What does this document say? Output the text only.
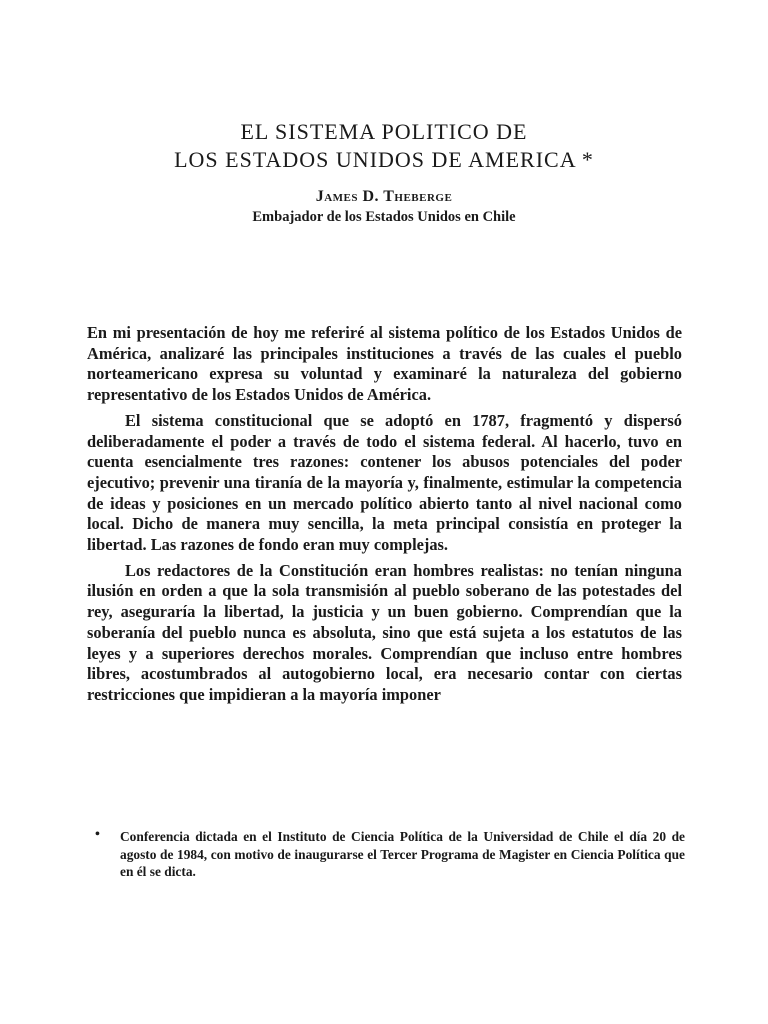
EL SISTEMA POLITICO DE
LOS ESTADOS UNIDOS DE AMERICA *
James D. Theberge
Embajador de los Estados Unidos en Chile

En mi presentación de hoy me referiré al sistema político de los Estados Unidos de América, analizaré las principales instituciones a través de las cuales el pueblo norteamericano expresa su voluntad y examinaré la naturaleza del gobierno representativo de los Estados Unidos de América.

El sistema constitucional que se adoptó en 1787, fragmentó y dispersó deliberadamente el poder a través de todo el sistema federal. Al hacerlo, tuvo en cuenta esencialmente tres razones: contener los abusos potenciales del poder ejecutivo; prevenir una tiranía de la mayoría y, finalmente, estimular la competencia de ideas y posiciones en un mercado político abierto tanto al nivel nacional como local. Dicho de manera muy sencilla, la meta principal consistía en proteger la libertad. Las razones de fondo eran muy complejas.

Los redactores de la Constitución eran hombres realistas: no tenían ninguna ilusión en orden a que la sola transmisión al pueblo soberano de las potestades del rey, aseguraría la libertad, la justicia y un buen gobierno. Comprendían que la soberanía del pueblo nunca es absoluta, sino que está sujeta a los estatutos de las leyes y a superiores derechos morales. Comprendían que incluso entre hombres libres, acostumbrados al autogobierno local, era necesario contar con ciertas restricciones que impidieran a la mayoría imponer

• Conferencia dictada en el Instituto de Ciencia Política de la Universidad de Chile el día 20 de agosto de 1984, con motivo de inaugurarse el Tercer Programa de Magister en Ciencia Política que en él se dicta.
